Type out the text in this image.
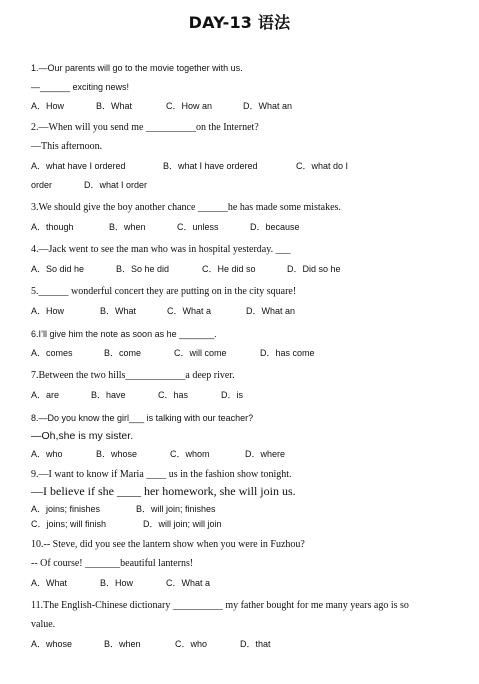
DAY-13 语法
1.—Our parents will go to the movie together with us.
—______ exciting news!
A．How	B．What	C．How an	D．What an
2.—When will you send me __________on the Internet?
—This afternoon.
A．what have I ordered	B．what I have ordered	C．what do I
order	D．what I order
3.We should give the boy another chance ______he has made some mistakes.
A．though	B．when	C．unless	D．because
4.—Jack went to see the man who was in hospital yesterday. ___
A．So did he	B．So he did	C．He did so	D．Did so he
5.______ wonderful concert they are putting on in the city square!
A．How	B．What	C．What a	D．What an
6.I’ll give him the note as soon as he _______.
A．comes	B．come	C．will come	D．has come
7.Between the two hills____________a deep river.
A．are	B．have	C．has	D．is
8.—Do you know the girl___ is talking with our teacher?
—Oh,she is my sister.
A．who	B．whose	C．whom	D．where
9.—I want to know if Maria ____ us in the fashion show tonight.
—I believe if she ____ her homework, she will join us.
A．joins; finishes	B．will join; finishes
C．joins; will finish	D．will join; will join
10.-- Steve, did you see the lantern show when you were in Fuzhou?
-- Of course! _______beautiful lanterns!
A．What	B．How	C．What a
11.The English-Chinese dictionary __________ my father bought for me many years ago is so
value.
A．whose	B．when	C．who	D．that
